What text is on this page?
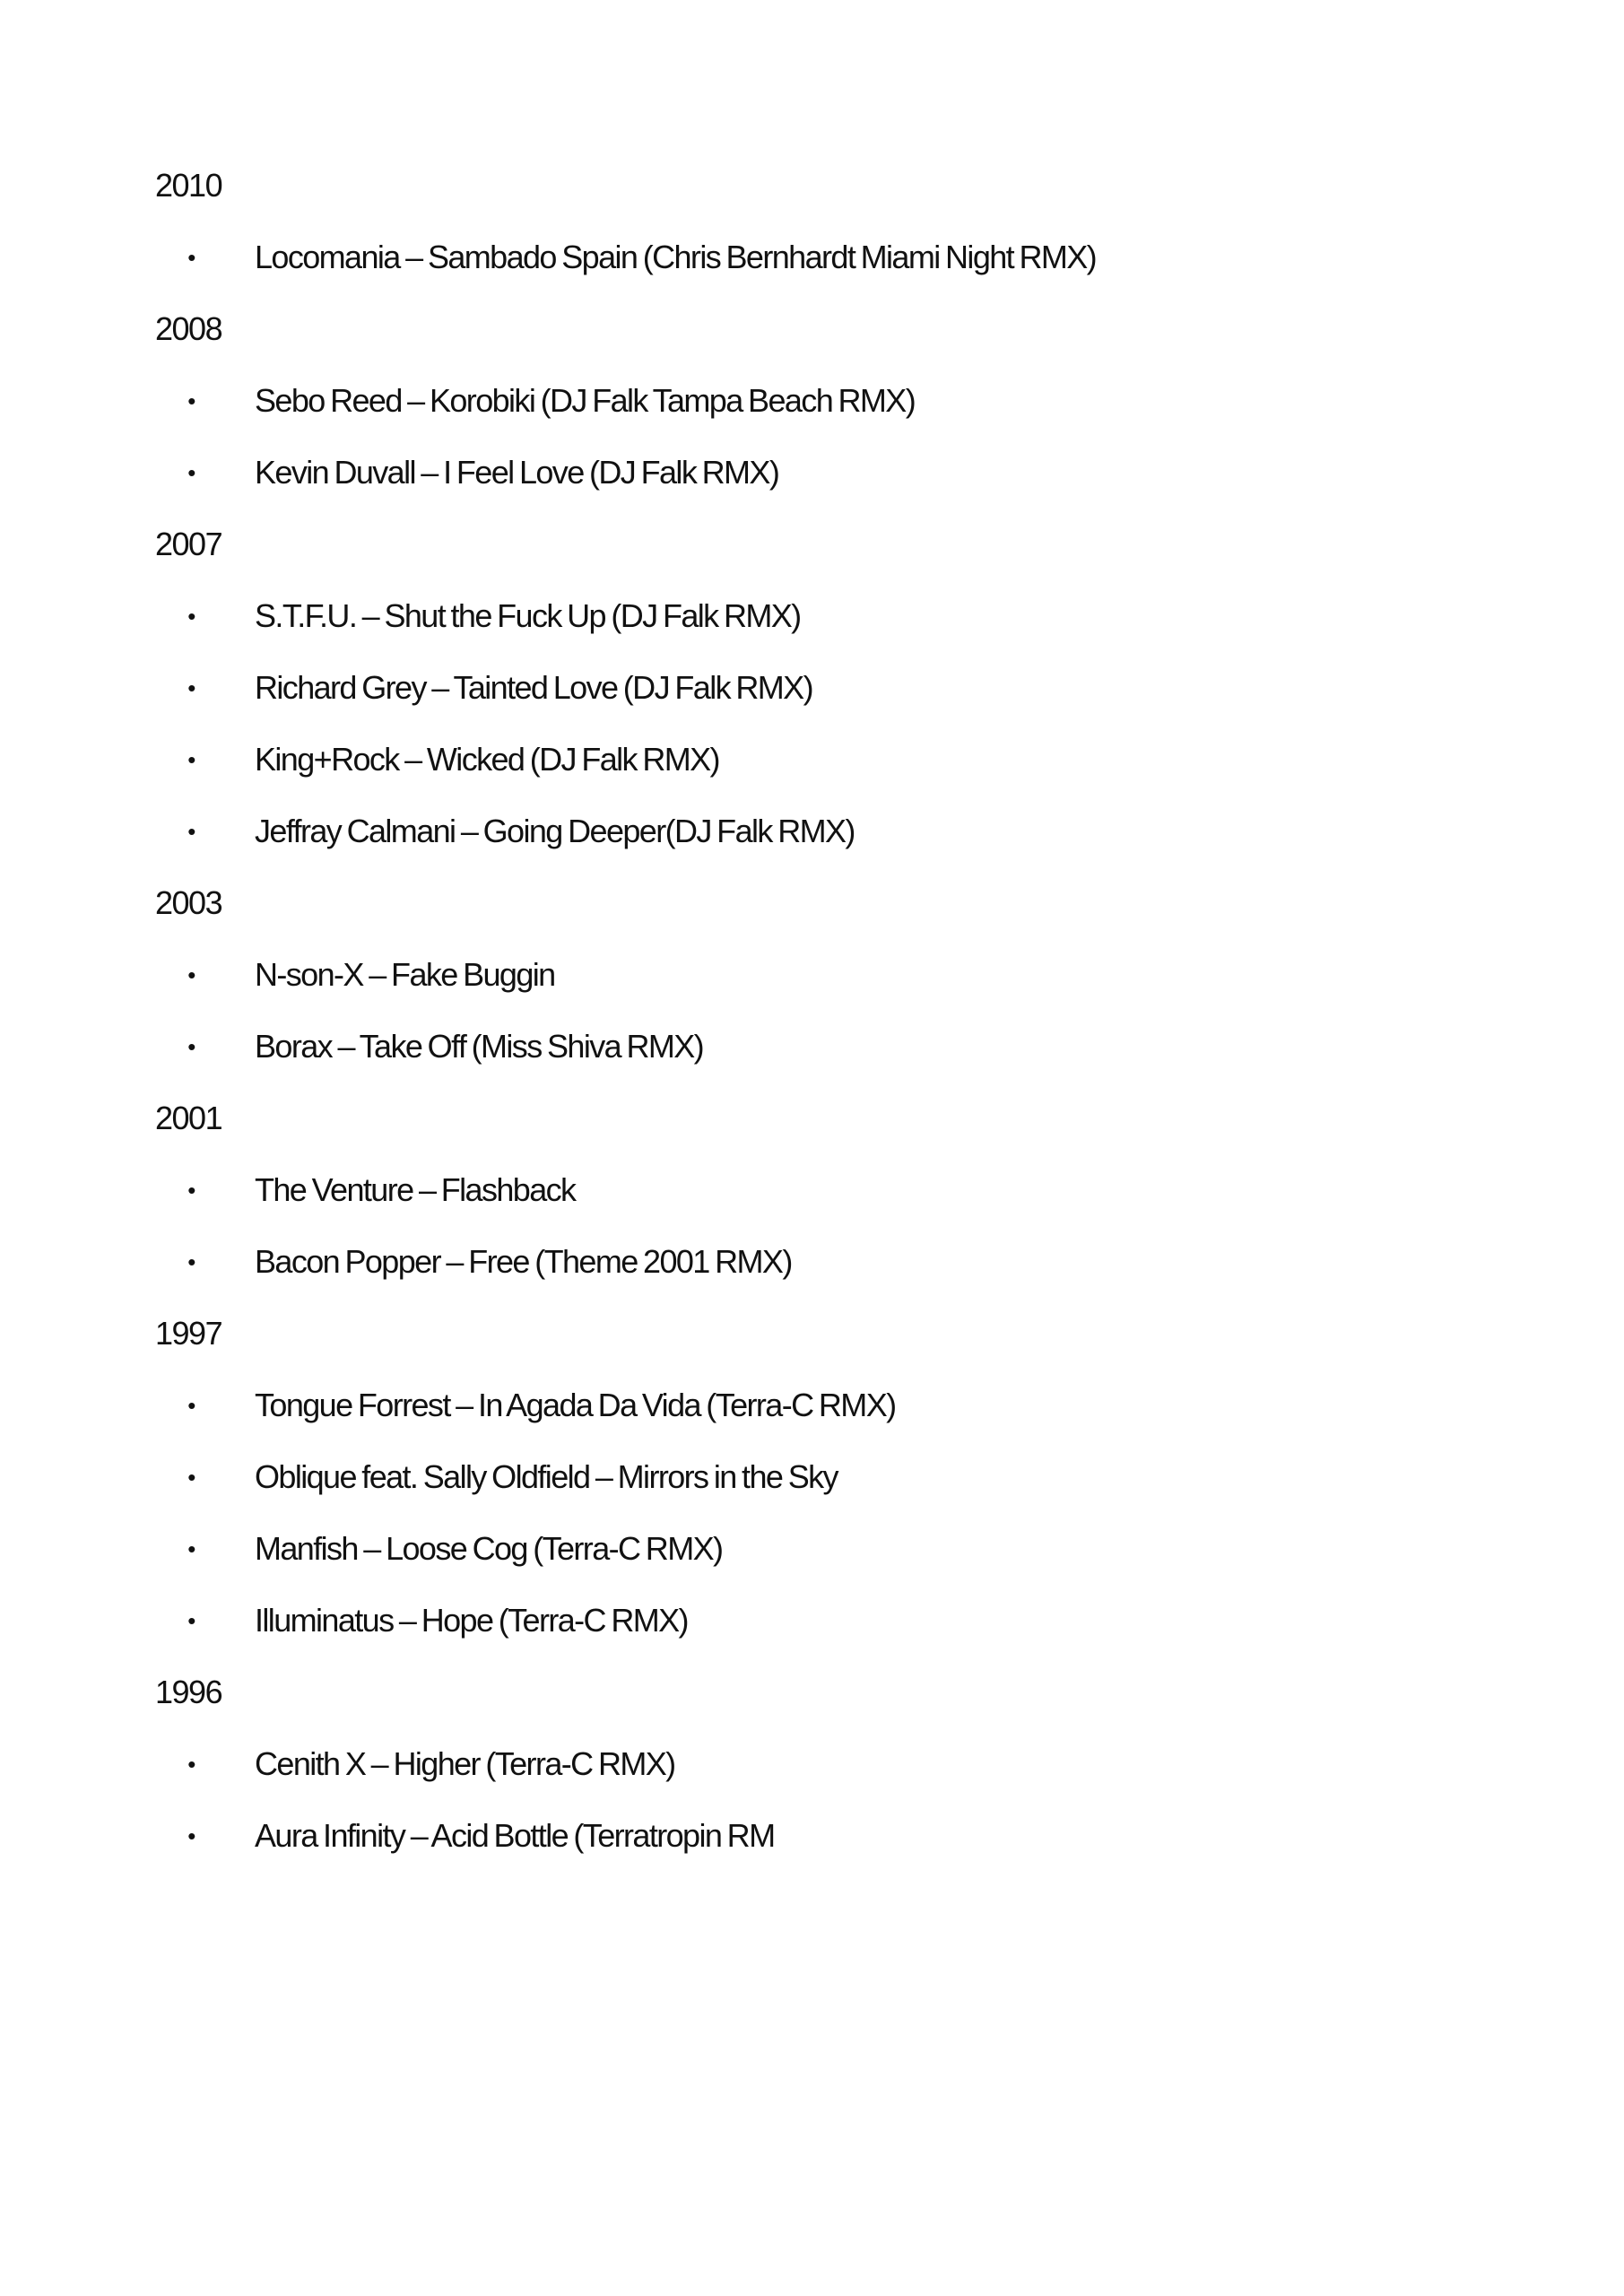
2010
• Locomania – Sambado Spain (Chris Bernhardt Miami Night RMX)
2008
• Sebo Reed – Korobiki (DJ Falk Tampa Beach RMX)
• Kevin Duvall – I Feel Love (DJ Falk RMX)
2007
• S.T.F.U. – Shut the Fuck Up (DJ Falk RMX)
• Richard Grey – Tainted Love (DJ Falk RMX)
• King+Rock – Wicked (DJ Falk RMX)
• Jeffray Calmani – Going Deeper(DJ Falk RMX)
2003
• N-son-X – Fake Buggin
• Borax – Take Off (Miss Shiva RMX)
2001
• The Venture – Flashback
• Bacon Popper – Free (Theme 2001 RMX)
1997
• Tongue Forrest – In Agada Da Vida (Terra-C RMX)
• Oblique feat. Sally Oldfield – Mirrors in the Sky
• Manfish – Loose Cog (Terra-C RMX)
• Illuminatus – Hope (Terra-C RMX)
1996
• Cenith X – Higher (Terra-C RMX)
• Aura Infinity – Acid Bottle (Terratropin RM
